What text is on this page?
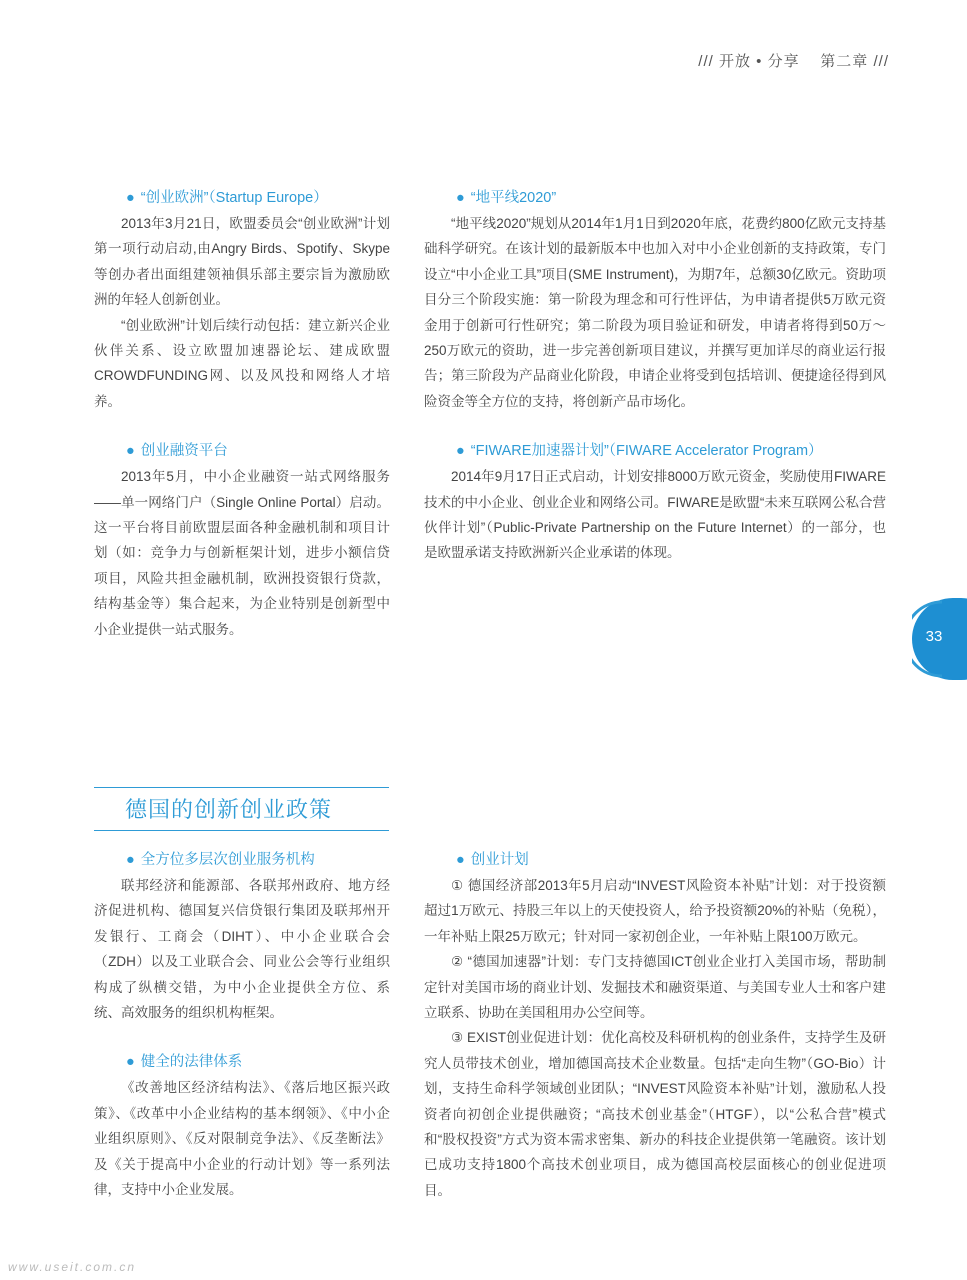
/// 开放 • 分享 第二章 ///
● “创业欧洲”（Startup Europe）

2013年3月21日，欧盟委员会“创业欧洲”计划第一项行动启动,由Angry Birds、Spotify、Skype等创办者出面组建领袖俱乐部主要宗旨为激励欧洲的年轻人创新创业。

“创业欧洲”计划后续行动包括：建立新兴企业伙伴关系、设立欧盟加速器论坛、建成欧盟CROWDFUNDING网、以及风投和网络人才培养。

● 创业融资平台

2013年5月，中小企业融资一站式网络服务——单一网络门户（Single Online Portal）启动。这一平台将目前欧盟层面各种金融机制和项目计划（如：竞争力与创新框架计划，进步小额信贷项目，风险共担金融机制，欧洲投资银行贷款，结构基金等）集合起来，为企业特别是创新型中小企业提供一站式服务。

● “地平线2020”

“地平线2020”规划从2014年1月1日到2020年底，花费约800亿欧元支持基础科学研究。在该计划的最新版本中也加入对中小企业创新的支持政策，专门设立“中小企业工具”项目(SME Instrument)，为期7年，总额30亿欧元。资助项目分三个阶段实施：第一阶段为理念和可行性评估，为申请者提供5万欧元资金用于创新可行性研究；第二阶段为项目验证和研发，申请者将得到50万～250万欧元的资助，进一步完善创新项目建议，并撰写更加详尽的商业运行报告；第三阶段为产品商业化阶段，申请企业将受到包括培训、便捷途径得到风险资金等全方位的支持，将创新产品市场化。

● “FIWARE加速器计划”（FIWARE Accelerator Program）

2014年9月17日正式启动，计划安排8000万欧元资金，奖励使用FIWARE技术的中小企业、创业企业和网络公司。FIWARE是欧盟“未来互联网公私合营伙伴计划”（Public-Private Partnership on the Future Internet）的一部分，也是欧盟承诺支持欧洲新兴企业承诺的体现。

33
德国的创新创业政策
● 全方位多层次创业服务机构

联邦经济和能源部、各联邦州政府、地方经济促进机构、德国复兴信贷银行集团及联邦州开发银行、工商会（DIHT）、中小企业联合会（ZDH）以及工业联合会、同业公会等行业组织构成了纵横交错，为中小企业提供全方位、系统、高效服务的组织机构框架。

● 健全的法律体系

《改善地区经济结构法》、《落后地区振兴政策》、《改革中小企业结构的基本纲领》、《中小企业组织原则》、《反对限制竞争法》、《反垄断法》及《关于提高中小企业的行动计划》等一系列法律，支持中小企业发展。

● 创业计划

① 德国经济部2013年5月启动“INVEST风险资本补贴”计划：对于投资额超过1万欧元、持股三年以上的天使投资人，给予投资额20%的补贴（免税），一年补贴上限25万欧元；针对同一家初创企业，一年补贴上限100万欧元。

② “德国加速器”计划：专门支持德国ICT创业企业打入美国市场，帮助制定针对美国市场的商业计划、发掘技术和融资渠道、与美国专业人士和客户建立联系、协助在美国租用办公空间等。

③ EXIST创业促进计划：优化高校及科研机构的创业条件，支持学生及研究人员带技术创业，增加德国高技术企业数量。包括“走向生物”（GO-Bio）计划，支持生命科学领域创业团队；“INVEST风险资本补贴”计划，激励私人投资者向初创企业提供融资；“高技术创业基金”（HTGF），以“公私合营”模式和“股权投资”方式为资本需求密集、新办的科技企业提供第一笔融资。该计划已成功支持1800个高技术创业项目，成为德国高校层面核心的创业促进项目。

www.useit.com.cn
